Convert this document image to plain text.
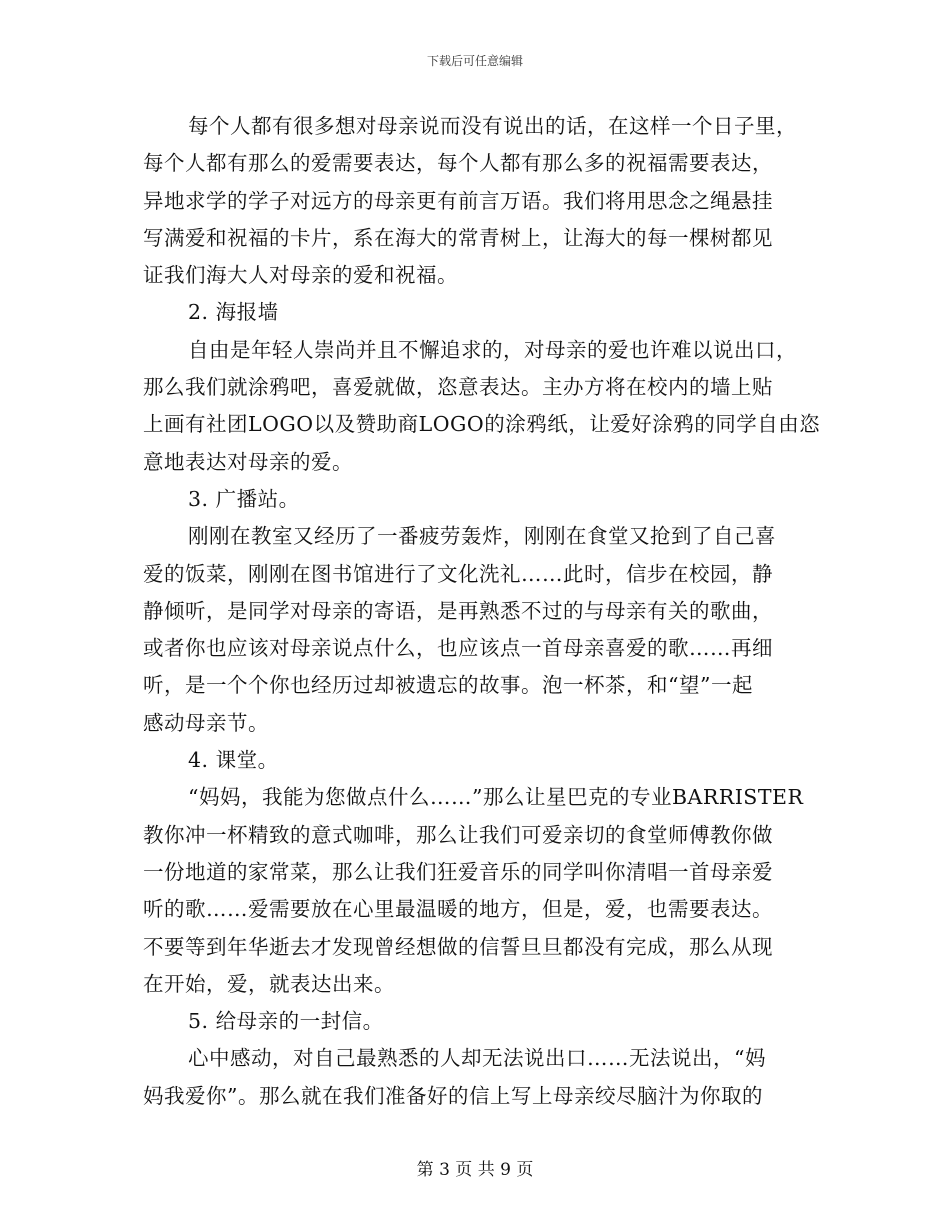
下载后可任意编辑
每个人都有很多想对母亲说而没有说出的话，在这样一个日子里，
每个人都有那么的爱需要表达，每个人都有那么多的祝福需要表达，
异地求学的学子对远方的母亲更有前言万语。我们将用思念之绳悬挂
写满爱和祝福的卡片，系在海大的常青树上，让海大的每一棵树都见
证我们海大人对母亲的爱和祝福。
2. 海报墙
自由是年轻人崇尚并且不懈追求的，对母亲的爱也许难以说出口，
那么我们就涂鸦吧，喜爱就做，恣意表达。主办方将在校内的墙上贴
上画有社团LOGO以及赞助商LOGO的涂鸦纸，让爱好涂鸦的同学自由恣
意地表达对母亲的爱。
3. 广播站。
刚刚在教室又经历了一番疲劳轰炸，刚刚在食堂又抢到了自己喜
爱的饭菜，刚刚在图书馆进行了文化洗礼……此时，信步在校园，静
静倾听，是同学对母亲的寄语，是再熟悉不过的与母亲有关的歌曲，
或者你也应该对母亲说点什么，也应该点一首母亲喜爱的歌……再细
听，是一个个你也经历过却被遗忘的故事。泡一杯茶，和“望”一起
感动母亲节。
4. 课堂。
“妈妈，我能为您做点什么……”那么让星巴克的专业BARRISTER
教你冲一杯精致的意式咖啡，那么让我们可爱亲切的食堂师傅教你做
一份地道的家常菜，那么让我们狂爱音乐的同学叫你清唱一首母亲爱
听的歌……爱需要放在心里最温暖的地方，但是，爱，也需要表达。
不要等到年华逝去才发现曾经想做的信誓旦旦都没有完成，那么从现
在开始，爱，就表达出来。
5. 给母亲的一封信。
心中感动，对自己最熟悉的人却无法说出口……无法说出，“妈
妈我爱你”。那么就在我们准备好的信上写上母亲绞尽脑汁为你取的
第 3 页 共 9 页
